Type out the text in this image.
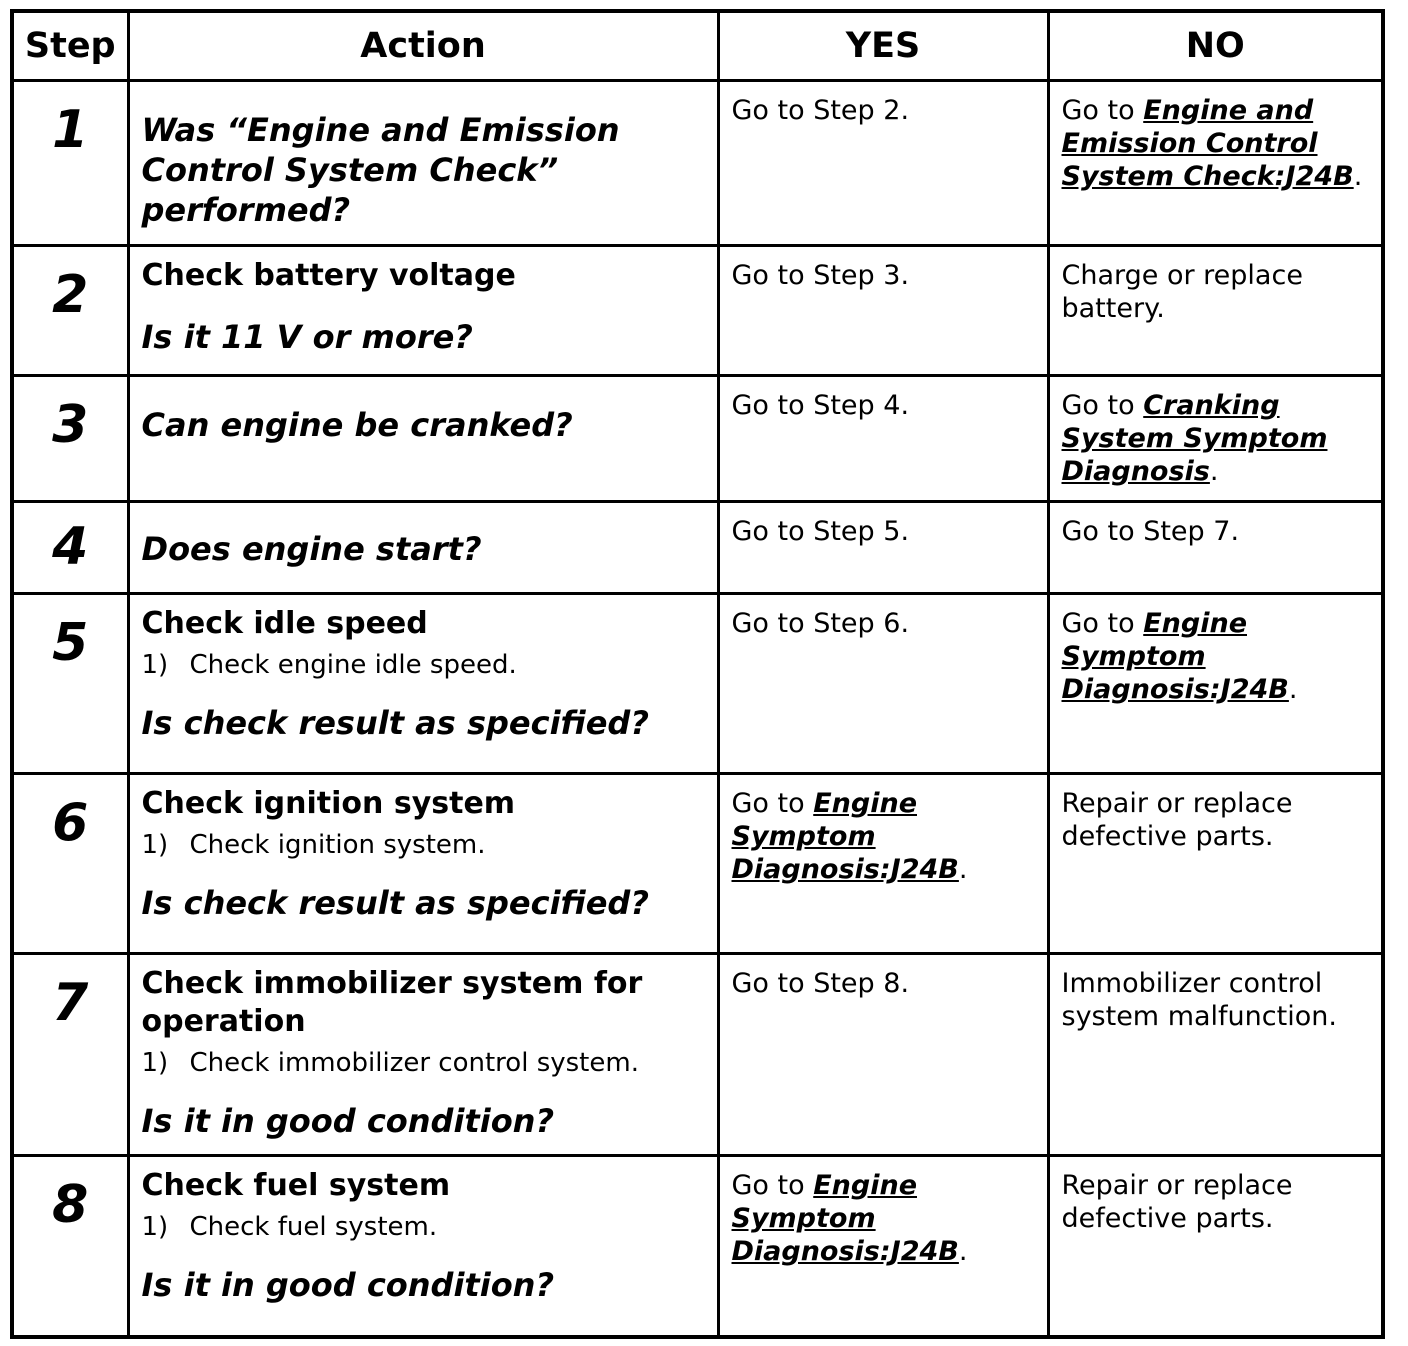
Step	Action	YES	NO

1	Was “Engine and Emission Control System Check” performed?	Go to Step 2.	Go to Engine and Emission Control System Check:J24B.

2	Check battery voltage
Is it 11 V or more?	Go to Step 3.	Charge or replace battery.

3	Can engine be cranked?	Go to Step 4.	Go to Cranking System Symptom Diagnosis.

4	Does engine start?	Go to Step 5.	Go to Step 7.

5	Check idle speed
1) Check engine idle speed.
Is check result as specified?	Go to Step 6.	Go to Engine Symptom Diagnosis:J24B.

6	Check ignition system
1) Check ignition system.
Is check result as specified?	Go to Engine Symptom Diagnosis:J24B.	Repair or replace defective parts.

7	Check immobilizer system for operation
1) Check immobilizer control system.
Is it in good condition?	Go to Step 8.	Immobilizer control system malfunction.

8	Check fuel system
1) Check fuel system.
Is it in good condition?	Go to Engine Symptom Diagnosis:J24B.	Repair or replace defective parts.
